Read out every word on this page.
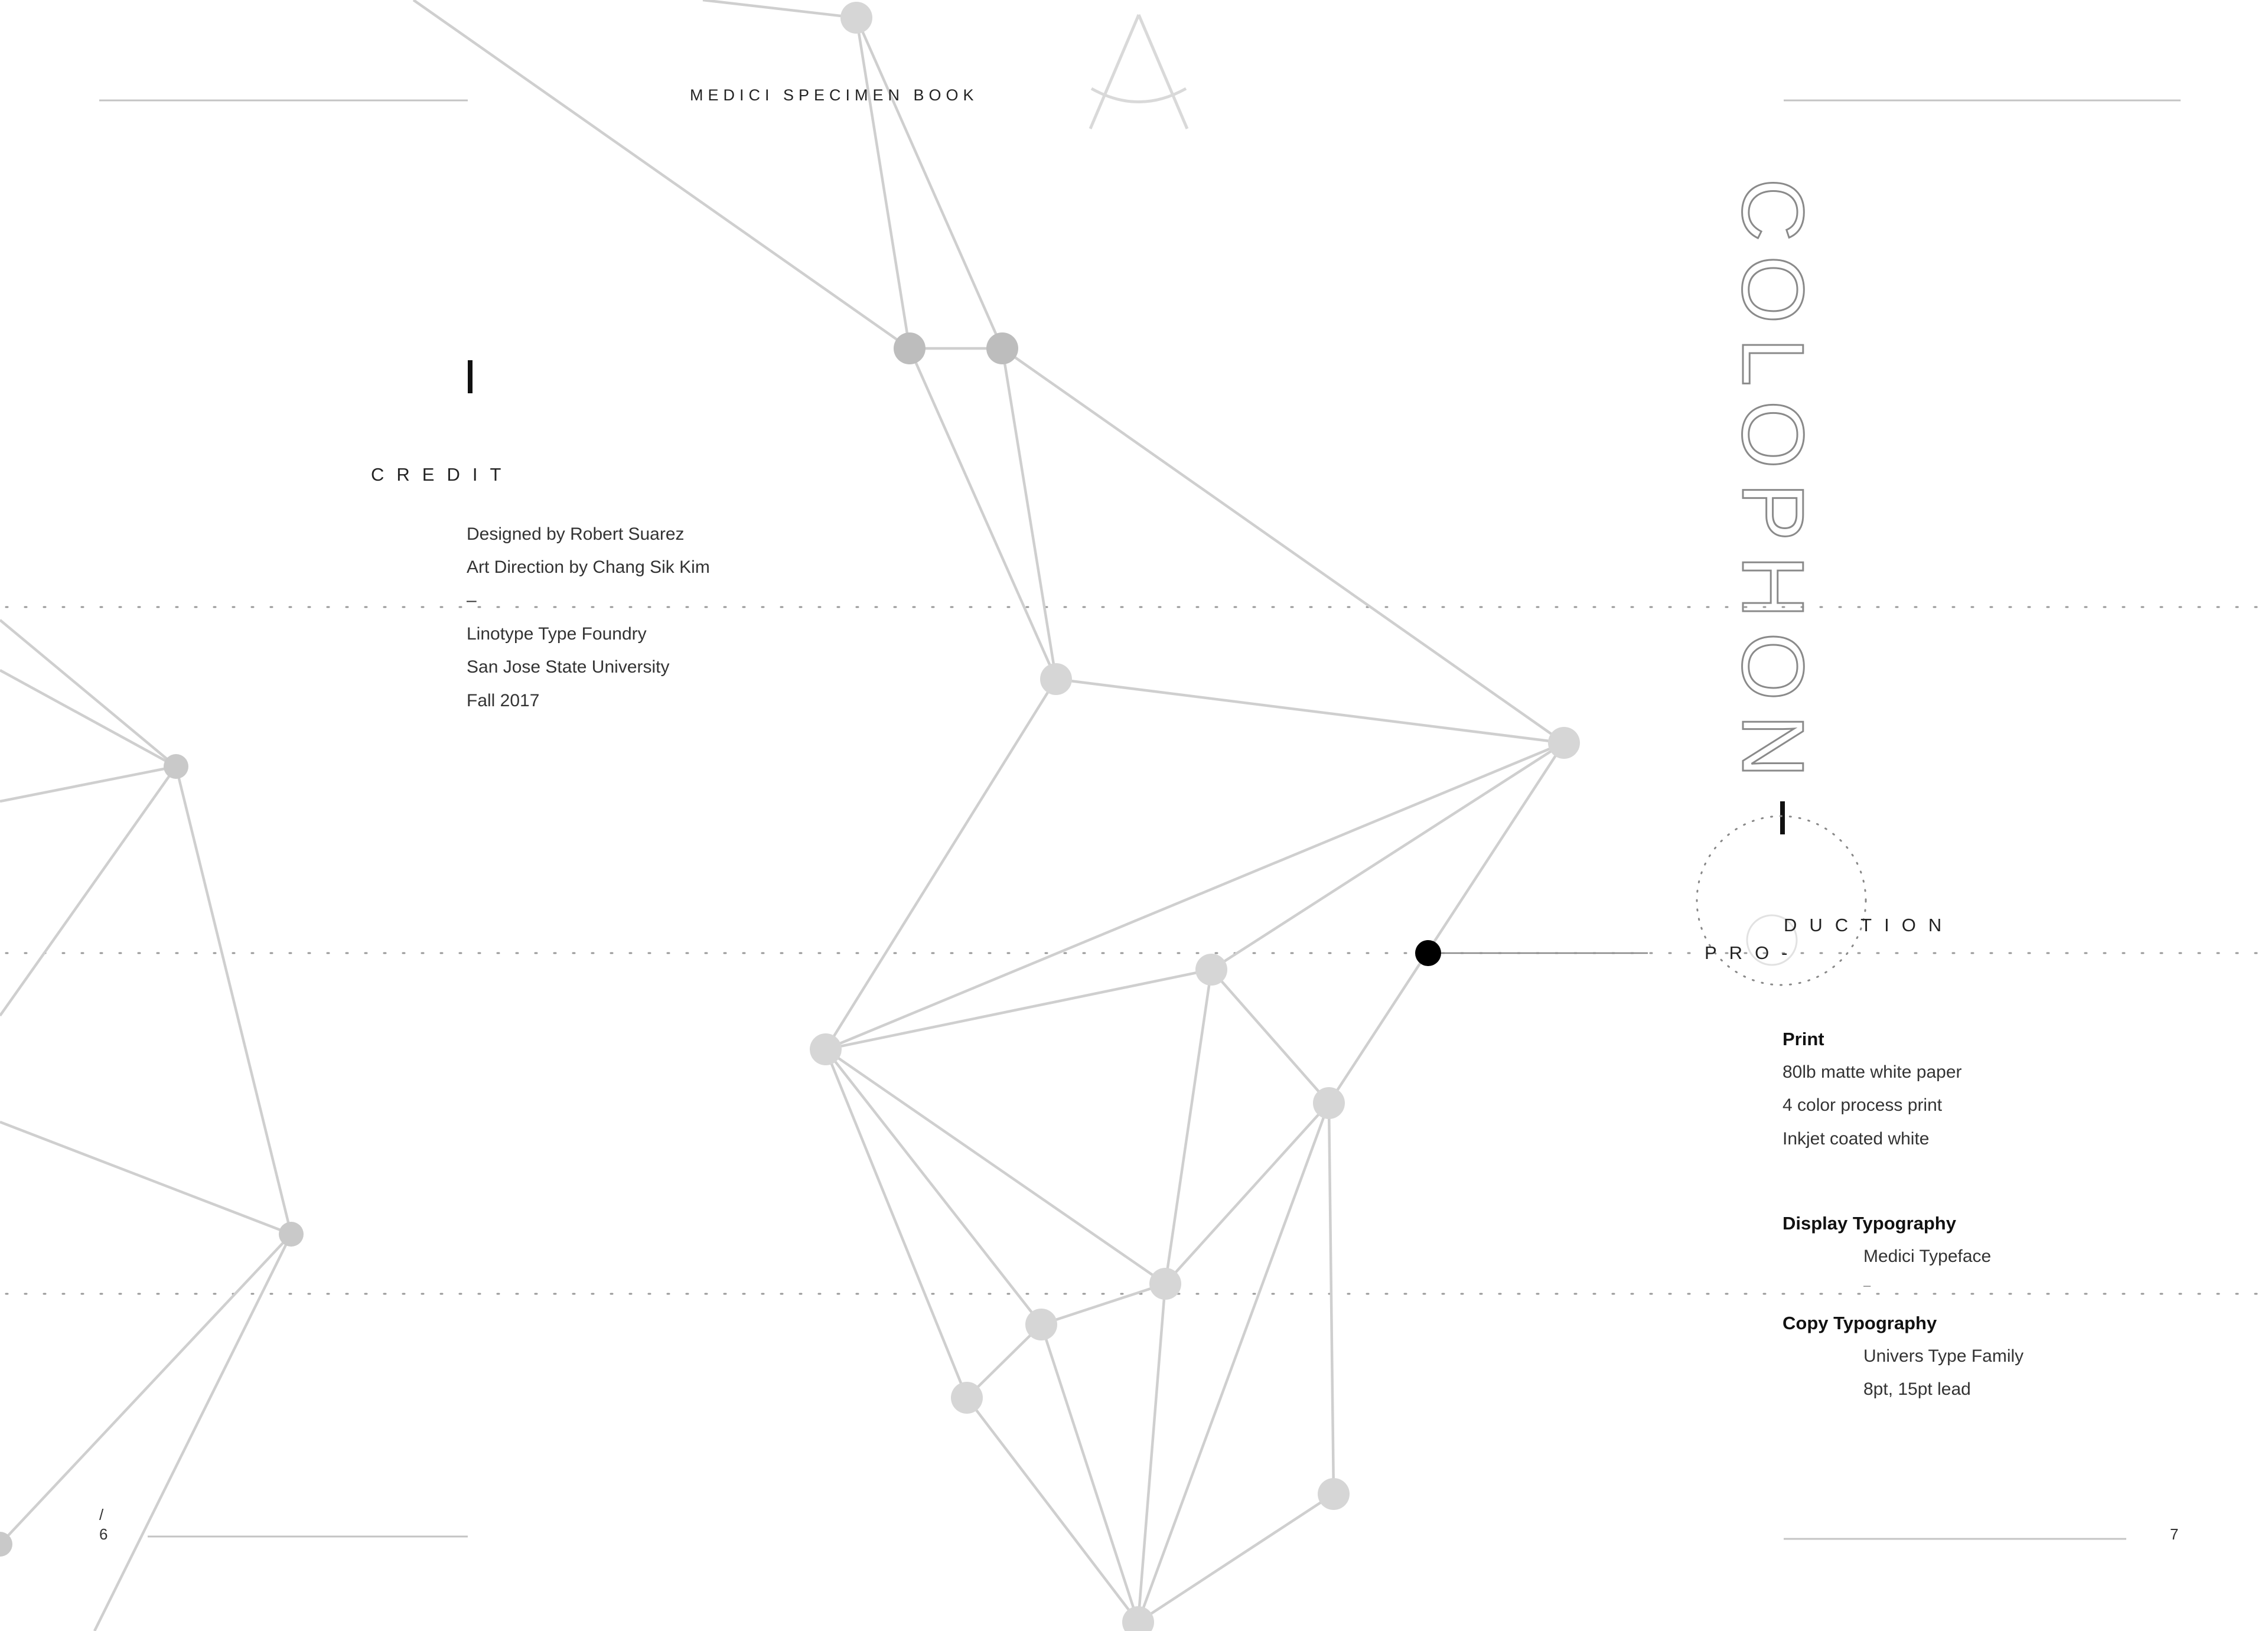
MEDICI SPECIMEN BOOK
CREDIT
Designed by Robert Suarez
Art Direction by Chang Sik Kim
–
Linotype Type Foundry
San Jose State University
Fall 2017	COLOPHON
PRO-
DUCTION
Print
80lb matte white paper
4 color process print
Inkjet coated white
Display Typography
Medici Typeface
–
Copy Typography
Univers Type Family
8pt, 15pt lead
/
6	7
